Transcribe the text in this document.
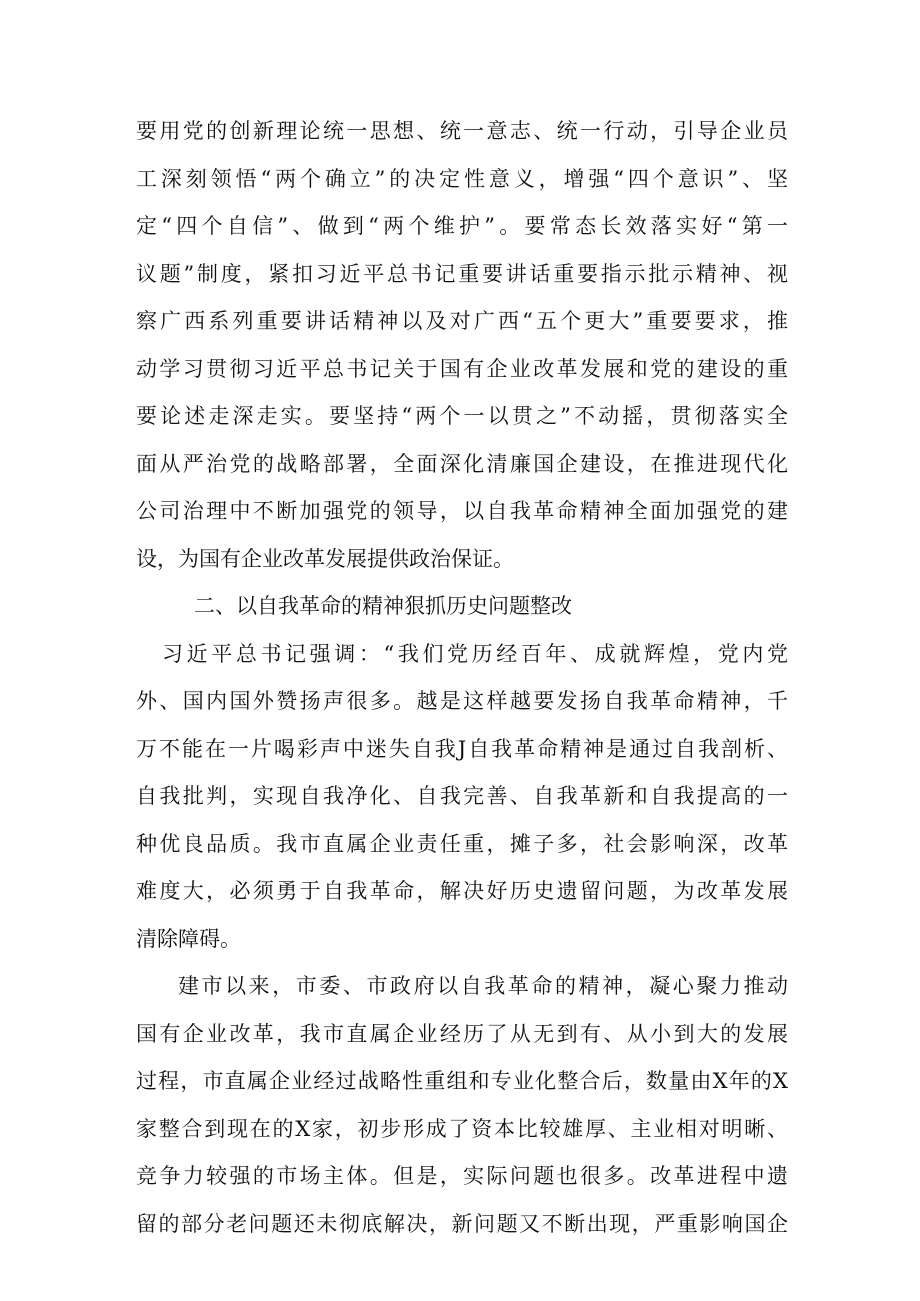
要用党的创新理论统一思想、统一意志、统一行动，引导企业员
工深刻领悟“两个确立”的决定性意义，增强“四个意识”、坚
定“四个自信”、做到“两个维护”。要常态长效落实好“第一
议题”制度，紧扣习近平总书记重要讲话重要指示批示精神、视
察广西系列重要讲话精神以及对广西“五个更大”重要要求，推
动学习贯彻习近平总书记关于国有企业改革发展和党的建设的重
要论述走深走实。要坚持“两个一以贯之”不动摇，贯彻落实全
面从严治党的战略部署，全面深化清廉国企建设，在推进现代化
公司治理中不断加强党的领导，以自我革命精神全面加强党的建
设，为国有企业改革发展提供政治保证。
二、以自我革命的精神狠抓历史问题整改
习近平总书记强调：“我们党历经百年、成就辉煌，党内党
外、国内国外赞扬声很多。越是这样越要发扬自我革命精神，千
万不能在一片喝彩声中迷失自我J自我革命精神是通过自我剖析、
自我批判，实现自我净化、自我完善、自我革新和自我提高的一
种优良品质。我市直属企业责任重，摊子多，社会影响深，改革
难度大，必须勇于自我革命，解决好历史遗留问题，为改革发展
清除障碍。
建市以来，市委、市政府以自我革命的精神，凝心聚力推动
国有企业改革，我市直属企业经历了从无到有、从小到大的发展
过程，市直属企业经过战略性重组和专业化整合后，数量由X年的X
家整合到现在的X家，初步形成了资本比较雄厚、主业相对明晰、
竞争力较强的市场主体。但是，实际问题也很多。改革进程中遗
留的部分老问题还未彻底解决，新问题又不断出现，严重影响国企
